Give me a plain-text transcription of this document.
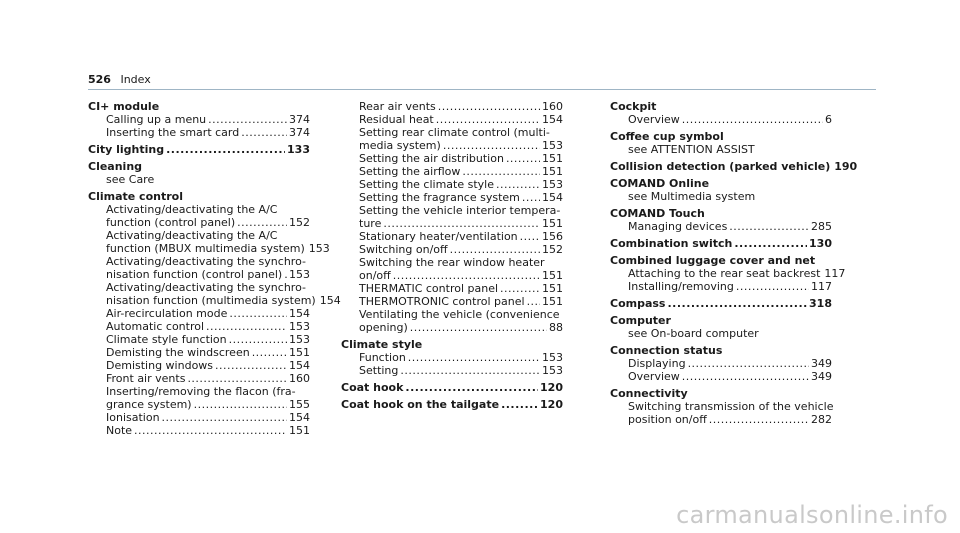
526 Index
CI+ module
Calling up a menu .....	374
Inserting the smart card .....	374
City lighting .....	133
Cleaning
see Care
Climate control
Activating/deactivating the A/C
function (control panel) .....	152
Activating/deactivating the A/C
function (MBUX multimedia system) 153
Activating/deactivating the synchro-
nisation function (control panel) ..... 153
Activating/deactivating the synchro-
nisation function (multimedia system) 154
Air-recirculation mode .....	154
Automatic control .....	153
Climate style function .....	153
Demisting the windscreen .....	151
Demisting windows .....	154
Front air vents .....	160
Inserting/removing the flacon (fra-
grance system) .....	155
Ionisation .....	154
Note .....	151
Rear air vents .....	160
Residual heat .....	154
Setting rear climate control (multi-
media system) .....	153
Setting the air distribution .....	151
Setting the airflow .....	151
Setting the climate style .....	153
Setting the fragrance system ..... 154
Setting the vehicle interior tempera-
ture .....	151
Stationary heater/ventilation ..... 156
Switching on/off .....	152
Switching the rear window heater
on/off .....	151
THERMATIC control panel .....	151
THERMOTRONIC control panel ..... 151
Ventilating the vehicle (convenience
opening) .....	88
Climate style
Function .....	153
Setting .....	153
Coat hook .....	120
Coat hook on the tailgate .....	120
Cockpit
Overview .....	6
Coffee cup symbol
see ATTENTION ASSIST
Collision detection (parked vehicle) 190
COMAND Online
see Multimedia system
COMAND Touch
Managing devices .....	285
Combination switch .....	130
Combined luggage cover and net
Attaching to the rear seat backrest 117
Installing/removing .....	117
Compass .....	318
Computer
see On-board computer
Connection status
Displaying .....	349
Overview .....	349
Connectivity
Switching transmission of the vehicle
position on/off .....	282
carmanualsonline.info
